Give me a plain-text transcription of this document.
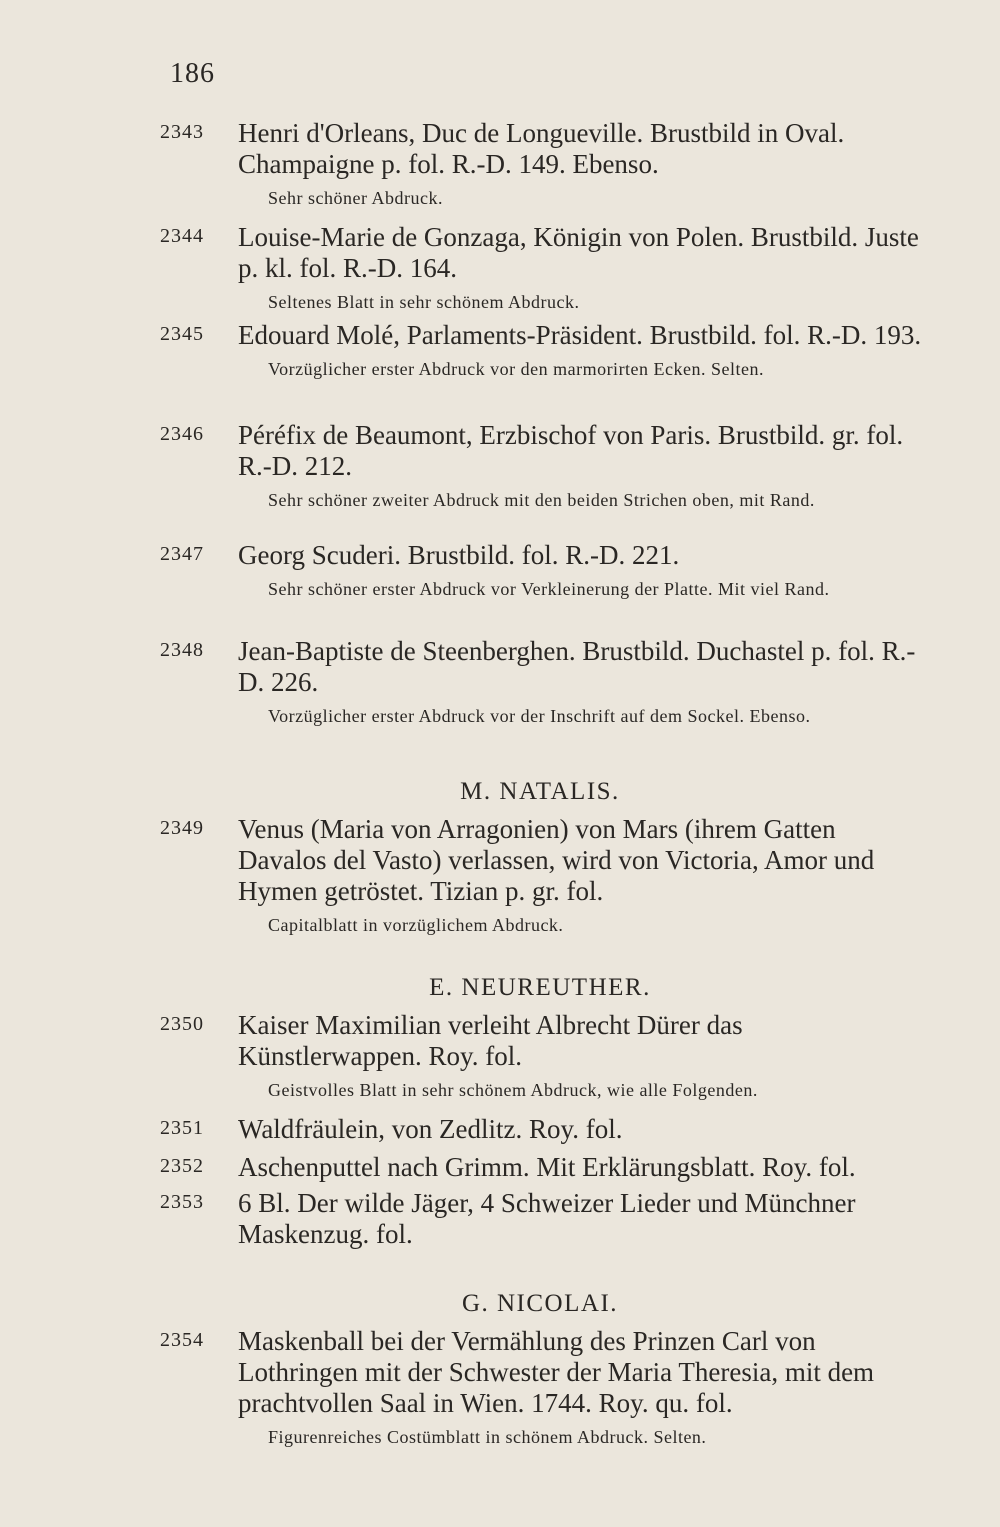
186
2343	Henri d'Orleans, Duc de Longueville. Brustbild in Oval. Champaigne p. fol. R.-D. 149. Ebenso.
Sehr schöner Abdruck.
2344	Louise-Marie de Gonzaga, Königin von Polen. Brustbild. Juste p. kl. fol. R.-D. 164.
Seltenes Blatt in sehr schönem Abdruck.
2345	Edouard Molé, Parlaments-Präsident. Brustbild. fol. R.-D. 193.
Vorzüglicher erster Abdruck vor den marmorirten Ecken. Selten.
2346	Péréfix de Beaumont, Erzbischof von Paris. Brustbild. gr. fol. R.-D. 212.
Sehr schöner zweiter Abdruck mit den beiden Strichen oben, mit Rand.
2347	Georg Scuderi. Brustbild. fol. R.-D. 221.
Sehr schöner erster Abdruck vor Verkleinerung der Platte. Mit viel Rand.
2348	Jean-Baptiste de Steenberghen. Brustbild. Duchastel p. fol. R.-D. 226.
Vorzüglicher erster Abdruck vor der Inschrift auf dem Sockel. Ebenso.
M. NATALIS.
2349	Venus (Maria von Arragonien) von Mars (ihrem Gatten Davalos del Vasto) verlassen, wird von Victoria, Amor und Hymen getröstet. Tizian p. gr. fol.
Capitalblatt in vorzüglichem Abdruck.
E. NEUREUTHER.
2350	Kaiser Maximilian verleiht Albrecht Dürer das Künstlerwappen. Roy. fol.
Geistvolles Blatt in sehr schönem Abdruck, wie alle Folgenden.
2351	Waldfräulein, von Zedlitz. Roy. fol.
2352	Aschenputtel nach Grimm. Mit Erklärungsblatt. Roy. fol.
2353	6 Bl. Der wilde Jäger, 4 Schweizer Lieder und Münchner Maskenzug. fol.
G. NICOLAI.
2354	Maskenball bei der Vermählung des Prinzen Carl von Lothringen mit der Schwester der Maria Theresia, mit dem prachtvollen Saal in Wien. 1744. Roy. qu. fol.
Figurenreiches Costümblatt in schönem Abdruck. Selten.
